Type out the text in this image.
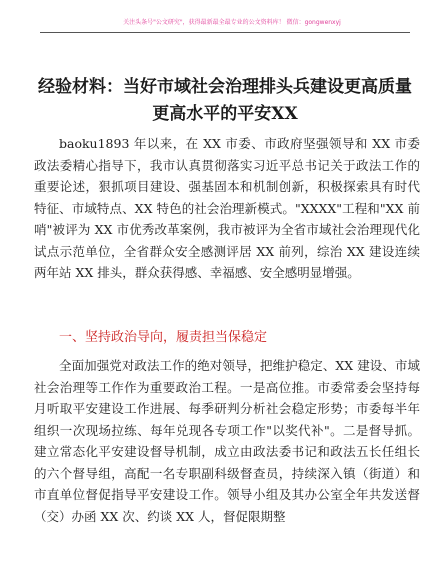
关注头条号"公文研究"，获得最新最全最专业的公文资料库！ 微信：gongwenxyj
经验材料：当好市域社会治理排头兵建设更高质量更高水平的平安XX

baoku1893 年以来，在 XX 市委、市政府坚强领导和 XX 市委政法委精心指导下，我市认真贯彻落实习近平总书记关于政法工作的重要论述，狠抓项目建设、强基固本和机制创新，积极探索具有时代特征、市域特点、XX 特色的社会治理新模式。"XXXX"工程和"XX 前哨"被评为 XX 市优秀改革案例，我市被评为全省市域社会治理现代化试点示范单位，全省群众安全感测评居 XX 前列，综治 XX 建设连续两年站 XX 排头，群众获得感、幸福感、安全感明显增强。

一、坚持政治导向，履责担当保稳定

全面加强党对政法工作的绝对领导，把维护稳定、XX 建设、市域社会治理等工作作为重要政治工程。一是高位推。市委常委会坚持每月听取平安建设工作进展、每季研判分析社会稳定形势；市委每半年组织一次现场拉练、每年兑现各专项工作"以奖代补"。二是督导抓。建立常态化平安建设督导机制，成立由政法委书记和政法五长任组长的六个督导组，高配一名专职副科级督查员，持续深入镇（街道）和市直单位督促指导平安建设工作。领导小组及其办公室全年共发送督（交）办函 XX 次、约谈 XX 人，督促限期整
